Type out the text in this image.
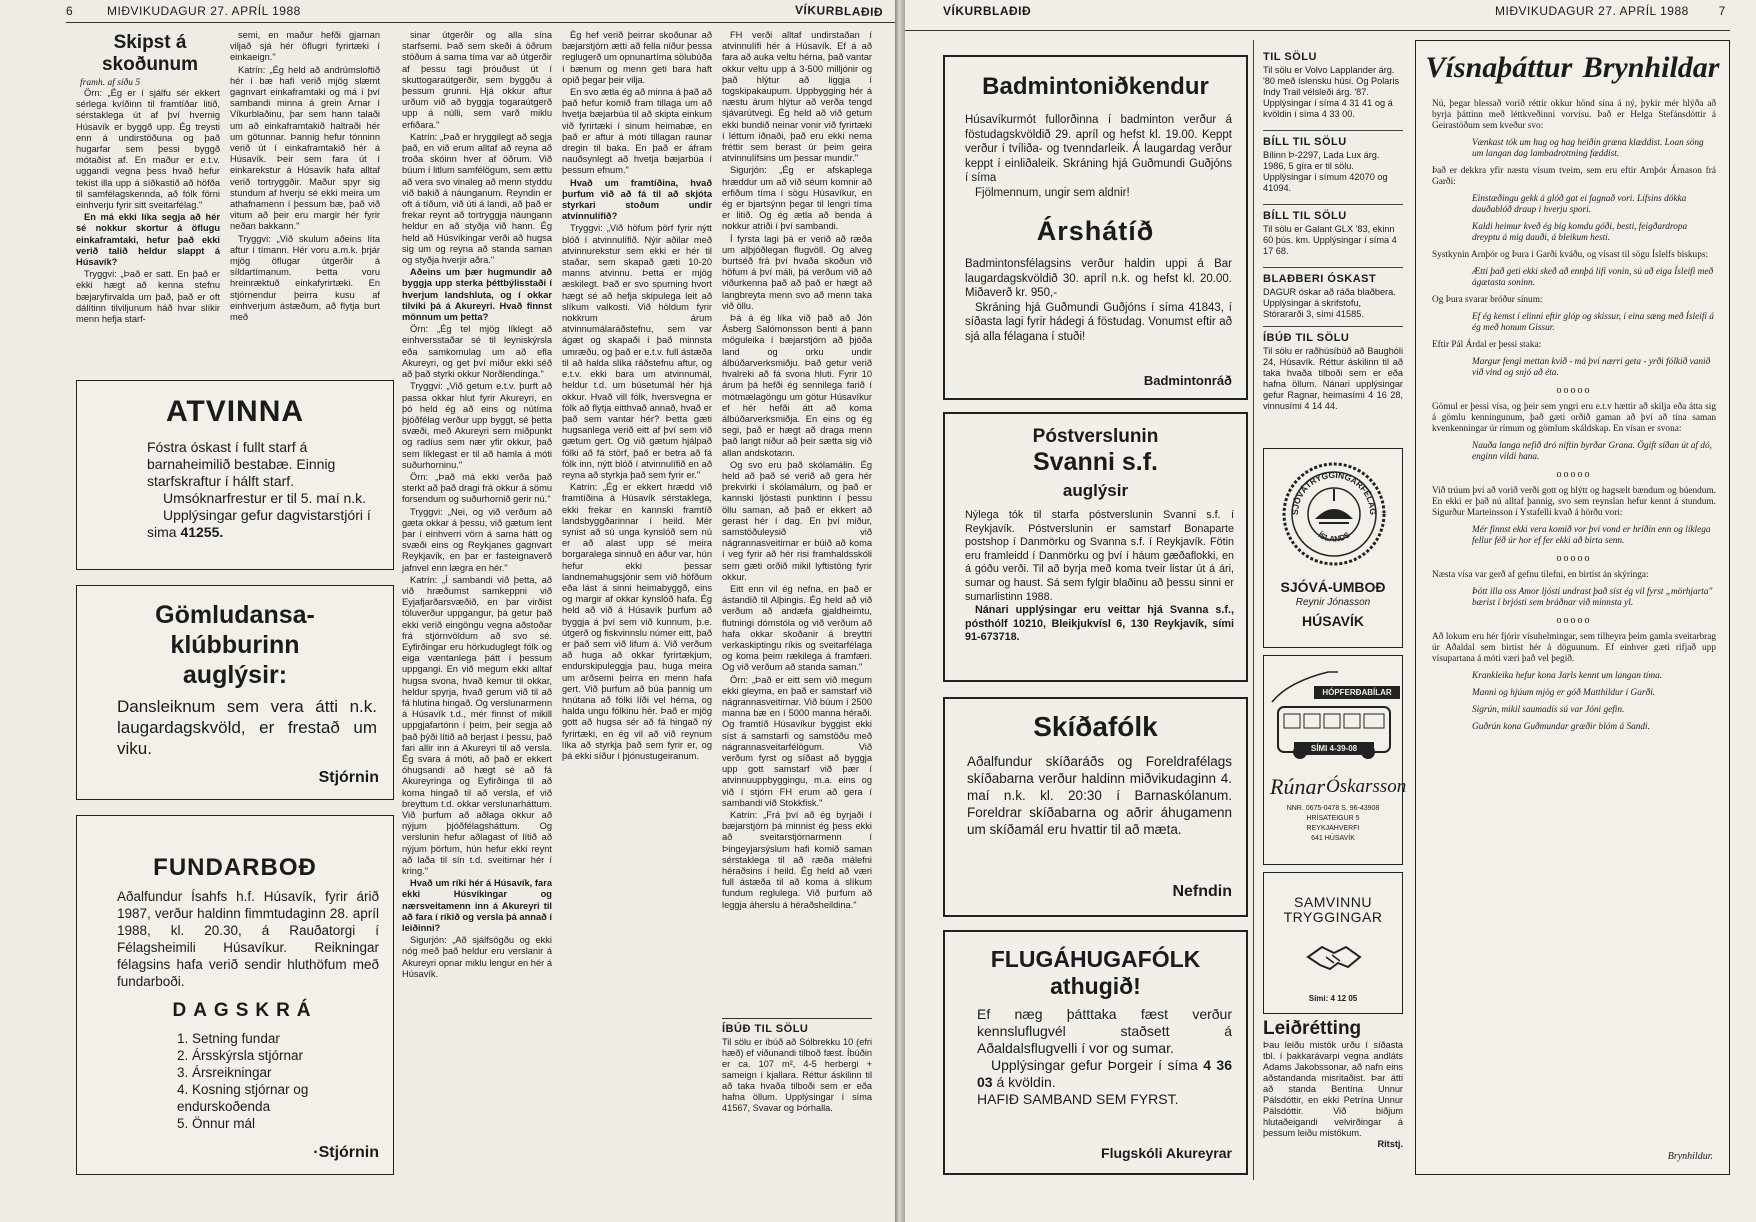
6	MIÐVIKUDAGUR 27. APRÍL 1988	VÍKURBLAÐIÐ
Skipst á skoðunum
framh. af síðu 5

Örn: „Ég er í sjálfu sér ekkert sérlega kvíðinn til framtíðar litið, sérstaklega út af því hvernig Húsavík er byggð upp. Ég treysti enn á undirstöðuna og það hugarfar sem þessi byggð mótaðist af. En maður er e.t.v. uggandi vegna þess hvað hefur tekist illa upp á síðkastið að höfða til samfélagskennda, að fólk förni einhverju fyrir sitt sveitarfélag."

En má ekki líka segja að hér sé nokkur skortur á öflugu einkaframtaki, hefur það ekki verið talið heldur slappt á Húsavík?

Tryggvi: „Það er satt. En það er ekki hægt að kenna stefnu bæjaryfirvalda um það, það er oft dálítinn tilviljunum háð hvar slíkir menn hefja starf-

semi, en maður hefði gjarnan viljað sjá hér öflugri fyrirtæki í einkaeign."

Katrín: „Ég held að andrúmsloftið hér í bæ hafi verið mjög slæmt gagnvart einkaframtaki og má í því sambandi minna á grein Arnar í Víkurblaðinu, þar sem hann talaði um að einkaframtakið haltraði hér um götunnar. Þannig hefur tónninn verið út í einkaframtakið hér á Húsavík. Þeir sem fara út í einkarekstur á Húsavík hafa alltaf verið tortryggðir. Maður spyr sig stundum af hverju sé ekki meira um athafnamenn í þessum bæ, það við vitum að þeir eru margir hér fyrir neðan bakkann."

Tryggvi: „Við skulum aðeins líta aftur í tímann. Hér voru a.m.k. þrjár mjög öflugar útgerðir á síldartímanum. Þetta voru hreinræktuð einkafyrirtæki. En stjórnendur þeirra kusu af einhverjum ástæðum, að flytja burt með

ATVINNA
Fóstra óskast í fullt starf á barnaheimilið bestabæ. Einnig starfskraftur í hálft starf.
Umsóknarfrestur er til 5. maí n.k.
Upplýsingar gefur dagvistarstjóri í sima 41255.
Gömludansa-
klúbburinn
auglýsir:
Dansleiknum sem vera átti n.k. laugardagskvöld, er frestað um viku.
Stjórnin
FUNDARBOÐ
Aðalfundur Ísahfs h.f. Húsavík, fyrir árið 1987, verður haldinn fimmtudaginn 28. apríl 1988, kl. 20.30, á Rauðatorgi í Félagsheimili Húsavíkur. Reikningar félagsins hafa verið sendir hluthöfum með fundarboði.
DAGSKRÁ
1. Setning fundar
2. Ársskýrsla stjórnar
3. Ársreikningar
4. Kosning stjórnar og endurskoðenda
5. Önnur mál
·Stjórnin

sinar útgerðir og alla sína starfsemi. Það sem skeði á öðrum stöðum á sama tíma var að útgerðir af þessu tagi þróuðust út í skuttogaraútgerðir, sem byggðu á þessum grunni. Hjá okkur aftur urðum við að byggja togaraútgerð upp á núlli, sem varð miklu erfiðara."

Katrín: „Það er hryggilegt að segja það, en við erum alltaf að reyna að troða skóinn hver af öðrum. Við búum í litlum samfélögum, sem ættu að vera svo vinaleg að menn styddu við bakið á náunganum. Reyndin er oft á tíðum, við úti á landi, að það er frekar reynt að tortryggja náungann heldur en að styðja við hann. Ég held að Húsvíkingar verði að hugsa sig um og reyna að standa saman og styðja hverjir aðra."

Aðeins um þær hugmundir að byggja upp sterka þéttbýlisstaði í hverjum landshluta, og í okkar tilviki þá á Akureyri. Hvað finnst mönnum um þetta?

Örn: „Ég tel mjög líklegt að einhversstaðar sé til leyniskýrsla eða samkomulag um að efla Akureyri, og get því miður ekki séð að það styrki okkur Norðlendinga."

Tryggvi: „Við getum e.t.v. þurft að passa okkar hlut fyrir Akureyri, en þó held ég að eins og nútíma þjóðfélag verður upp byggt, sé þetta svæði, með Akureyri sem miðpunkt og radíus sem nær yfir okkur, það sem líklegast er til að hamla á móti suðurhorninu."

Örn: „Það má ekki verða það sterkt að það dragi frá okkur á sömu forsendum og suðurhornið gerir nú."

Tryggvi: „Nei, og við verðum að gæta okkar á þessu, við gætum lent þar í einhverri vörn á sama hátt og svæði eins og Reykjanes gagnvart Reykjavík, en þar er fasteignaverð jafnvel enn lægra en hér."

Katrín: „Í sambandi við þetta, að við hræðumst samkeppni við Eyjafjarðarsvæðið, en þar virðist töluverður uppgangur, þá getur það ekki verið eingöngu vegna aðstoðar frá stjórnvöldum að svo sé. Eyfirðingar eru hörkuduglegt fólk og eiga væntanlega þátt í þessum uppgangi. En við megum ekki alltaf hugsa svona, hvað kemur til okkar, heldur spyrja, hvað gerum við til að fá hlutina hingað. Og verslunarmenn á Húsavík t.d., mér finnst of mikill uppgjafartónn í þeim, þeir segja að það þýði lítið að berjast í þessu, það fari allir inn á Akureyri til að versla. Ég svara á móti, að það er ekkert óhugsandi að hægt sé að fá Akureyringa og Eyfirðinga til að koma hingað til að versla, ef við breyttum t.d. okkar verslunarháttum. Við þurfum að aðlaga okkur að nýjum þjóðfélagsháttum. Og verslunin hefur aðlagast of lítið að nýjum þörfum, hún hefur ekki reynt að laða til sín t.d. sveitirnar hér í kring."

Hvað um ríki hér á Húsavík, fara ekki Húsvíkingar og nærsveitamenn inn á Akureyri til að fara í ríkið og versla þá annað í leiðinni?

Sigurjón: „Að sjálfsögðu og ekki nóg með það heldur eru verslanir á Akureyri opnar miklu lengur en hér á Húsavík.

Ég hef verið þeirrar skoðunar að bæjarstjórn ætti að fella niður þessa reglugerð um opnunartíma sölubúða í bænum og menn geti bara haft opið þegar þeir vilja.

En svo ætla ég að minna á það að það hefur komið fram tillaga um að hvetja bæjarbúa til að skipta einkum við fyrirtæki í sinum heimabæ, en það er aftur á móti tillagan raunar dregin til baka. En það er áfram nauðsynlegt að hvetja bæjarbúa í þessum efnum."

Hvað um framtíðina, hvað þurfum við að fá til að skjóta styrkari stoðum undir atvinnulífið?

Tryggvi: „Við höfum þörf fyrir nýtt blóð í atvinnulífið. Nýir aðilar með atvinnurekstur sem ekki er hér til staðar, sem skapað gæti 10-20 manns atvinnu. Þetta er mjög æskilegt. Það er svo spurning hvort hægt sé að hefja skipulega leit að slíkum valkosti. Við höldum fyrir nokkrum árum atvinnumálaráðstefnu, sem var ágæt og skapaði í það minnsta umræðu, og það er e.t.v. full ástæða til að halda slíka ráðstefnu aftur, og e.t.v. ekki bara um atvinnumál, heldur t.d. um búsetumál hér hjá okkur. Hvað vill fólk, hversvegna er fólk að flytja eitthvað annað, hvað er það sem vantar hér? Þetta gæti hugsanlega verið eitt af því sem við gætum gert. Og við gætum hjálpað fólki að fá störf, það er betra að fá fólk inn, nýtt blóð í atvinnulífið en að reyna að styrkja það sem fyrir er."

Katrín: „Ég er ekkert hrædd við framtíðina á Húsavík sérstaklega, ekki frekar en kannski framtíð landsbyggðarinnar í heild. Mér synist að sú unga kynslóð sem nú er að alast upp sé meira borgaralega sinnuð en áður var, hún hefur ekki þessar landnemahugsjónir sem við höfðum eða lást á sinni heimabyggð, eins og margir af okkar kynslóð hafa. Ég held að við á Húsavík þurfum að byggja á því sem við kunnum, þ.e. útgerð og fiskvinnslu númer eitt, það er það sem við lifum á. Við verðum að huga að okkar fyrirtækjum, endurskipuleggja þau, huga meira um arðsemi þeirra en menn hafa gert. Við þurfum að búa þannig um hnútana að fólki líði vel hérna, og halda ungu fólkinu hér. Það er mjög gott að hugsa sér að fá hingað ný fyrirtæki, en ég vil að við reynum líka að styrkja það sem fyrir er, og þá ekki síður í þjónustugeiranum.

FH verði alltaf undirstaðan í atvinnulífi hér á Húsavík. Ef á að fara að auka veltu hérna, það vantar okkur veltu upp á 3-500 milljónir og það hlýtur að liggja í togskipakaupum. Uppbygging hér á næstu árum hlýtur að verða tengd sjávarútvegi. Ég held að við getum ekki bundið neinar vonir við fyrirtæki í léttum iðnaði, það eru ekki nema fréttir sem berast úr þeim geira atvinnulífsins um þessar mundir."

Sigurjón: „Ég er afskaplega hræddur um að við séum komnir að erfiðum tíma í sögu Húsavíkur, en ég er bjartsýnn þegar til lengri tíma er litið. Og ég ætla að benda á nokkur atriði í því sambandi.

Í fyrsta lagi þá er verið að ræða um alþjóðlegan flugvöll. Og alveg burtséð frá því hvaða skoðun við höfum á því máli, þá verðum við að viðurkenna það að það er hægt að langbreyta menn svo að menn taka við öllu.

Þá á ég líka við það að Jón Ásberg Salómonsson benti á þann möguleika í bæjarstjórn að þjóða land og orku undir álbúðarverksmiðju. Það getur verið hvalreki að fá svona hluti. Fyrir 10 árum þá hefði ég sennilega farið í mótmælagöngu um götur Húsavíkur ef hér hefði átt að koma álbúðarverksmiðja. En eins og ég segi, það er hægt að draga menn það langt niður að þeir sætta sig við allan andskotann.

Og svo eru það skólamálin. Ég held að það sé verið að gera hér þrekvirki í skólamálum, og það er kannski ljóstasti punktinn í þessu öllu saman, að það er ekkert að gerast hér í dag. En því miður, samstöðuleysið við nágrannasveitirnar er búið að koma í veg fyrir að hér risi framhaldsskóli sem gæti orðið mikil lyftistöng fyrir okkur.

Eitt enn vil ég nefna, en það er ástandið til Alþingis. Ég held að við verðum að andæfa gjaldheimtu, flutningi dómstóla og við verðum að hafa okkar skoðanir á breyttri verkaskiptingu ríkis og sveitarfélaga og koma þeim rækilega á framfæri. Og við verðum að standa saman."

Örn: „Það er eitt sem við megum ekki gleyma, en það er samstarf við nágrannasveitirnar. Við búum í 2500 manna bæ en í 5000 manna héraði. Og framtíð Húsavíkur byggist ekki síst á samstarfi og samstöðu með nágrannasveitarfélögum. Við verðum fyrst og síðast að byggja upp gott samstarf við þær í atvinnuuppbyggingu, m.a. eins og við í stjórn FH erum að gera í sambandi við Stokkfisk."

Katrín: „Frá því að ég byrjaði í bæjarstjórn þá minnist ég þess ekki að sveitarstjórnarmenn í Þingeyjarsýslum hafi komið saman sérstaklega til að ræða málefni héraðsins í heild. Ég held að væri full ástæða til að koma á slíkum fundum reglulega. Við þurfum að leggja áherslu á héraðsheildina."

ÍBÚÐ TIL SÖLU
Til sölu er íbúð að Sólbrekku 10 (efri hæð) ef viðunandi tilboð fæst. Íbúðin er ca. 107 m², 4-5 herbergi + sameign í kjallara. Réttur áskilinn til að taka hvaða tilboði sem er eða hafna öllum. Upplýsingar í síma 41567, Svavar og Þórhalla.
VÍKURBLAÐIÐ	MIÐVIKUDAGUR 27. APRÍL 1988 7
Badmintoniðkendur
Húsavíkurmót fullorðinna í badminton verður á föstudagskvöldið 29. apríl og hefst kl. 19.00. Keppt verður í tvíliða- og tvenndarleik. Á laugardag verður keppt í einliðaleik. Skráning hjá Guðmundi Guðjóns í síma
Fjölmennum, ungir sem aldnir!
Árshátíð
Badmintonsfélagsins verður haldin uppi á Bar laugardagskvöldið 30. apríl n.k. og hefst kl. 20.00. Miðaverð kr. 950,-
Skráning hjá Guðmundi Guðjóns í síma 41843, í síðasta lagi fyrir hádegi á föstudag. Vonumst eftir að sjá alla félagana í stuði!
Badmintonráð
Póstverslunin
Svanni s.f.
auglýsir
Nýlega tók til starfa póstverslunin Svanni s.f. í Reykjavík. Póstverslunin er samstarf Bonaparte postshop í Danmörku og Svanna s.f. í Reykjavík. Fötin eru framleidd í Danmörku og því í háum gæðaflokki, en á góðu verði. Til að byrja með koma tveir listar út á ári, sumar og haust. Sá sem fylgir blaðinu að þessu sinni er sumarlistinn 1988.
Nánari upplýsingar eru veittar hjá Svanna s.f., pósthólf 10210, Bleikjukvísl 6, 130 Reykjavík, sími 91-673718.
Skíðafólk
Aðalfundur skíðaráðs og Foreldrafélags skíðabarna verður haldinn miðvikudaginn 4. maí n.k. kl. 20:30 í Barnaskólanum. Foreldrar skíðabarna og aðrir áhugamenn um skíðamál eru hvattir til að mæta.
Nefndin
FLUGÁHUGAFÓLK
athugið!
Ef næg þátttaka fæst verður kennsluflugvél staðsett á Aðaldalsflugvelli í vor og sumar.
Upplýsingar gefur Þorgeir í síma 4 36 03 á kvöldin.
HAFIÐ SAMBAND SEM FYRST.
Flugskóli Akureyrar
TIL SÖLU
Til sölu er Volvo Lapplander árg. '80 með íslensku húsi. Og Polaris Indy Trail vélsleði árg. '87. Upplýsingar í síma 4 31 41 og á kvöldin í síma 4 33 00.
BÍLL TIL SÖLU
Bílinn Þ-2297, Lada Lux árg. 1986, 5 gíra er til sölu. Upplýsingar í símum 42070 og 41094.
BÍLL TIL SÖLU
Til sölu er Galant GLX '83, ekinn 60 þús. km. Upplýsingar í síma 4 17 68.
BLAÐBERI ÓSKAST
DAGUR óskar að ráða blaðbera. Upplýsingar á skrifstofu, Stórагarði 3, sími 41585.
ÍBÚÐ TIL SÖLU
Til sölu er raðhúsíbúð að Baughóli 24, Húsavík. Réttur áskilinn til að taka hvaða tilboði sem er eða hafna öllum. Nánari upplýsingar gefur Ragnar, heimasími 4 16 28, vinnusími 4 14 44.
SJÓVÁTRYGGINGARFÉLAG
ÍSLANDS
SJÓVÁ-UMBOÐ
Reynir Jónasson
HÚSAVÍK
HÓPFERÐABÍLAR
SÍMI 4-39-08
Rúnar Óskarsson
NNR. 0675-0478 S. 96-43908
HRÍSATEIGUR 5
REYKJAHVERFI
641 HÚSAVÍK
SAMVINNU
TRYGGINGAR
Sími: 4 12 05
Leiðrétting
Þau leiðu mistök urðu í síðasta tbl. í þakkarávarpi vegna andláts Adams Jakobssonar, að nafn eins aðstandanda misritaðist. Þar átti að standa Bentína Unnur Pálsdóttir, en ekki Petrína Unnur Pálsdóttir. Við biðjum hlutaðeigandi velvirðingar á þessum leiðu mistökum.
Ritstj.
Vísnaþáttur Brynhildar
Nú, þegar blessað vorið réttir okkur hönd sína á ný, þykir mér hlýða að byrja þáttinn með léttkveðinni vorvísu. Það er Helga Stefánsdóttir á Geirastöðum sem kveður svo:
Vænkast tók um hug og hag heiðin græna klæddist. Loan söng um langan dag lambadrottning fæddist.
Það er dekkra yfir næstu vísum tveim, sem eru eftir Arnþór Árnason frá Garði:
Einstæðingu gekk á glóð gat ei fagnað vori. Lífsins dökka dauðablóð draup í hverju spori.
Kaldi heimur kveð ég bíg komdu góði, besti, feigðardropa dreyptu á mig dauði, á bleikum hesti.
Systkynin Arnþór og Þura í Garði kváðu, og vísast til sögu Íslelfs biskups:
Ætti það geti ekki skeð að ennþá lifi vonin, sú að eiga Ísleifi með ágætasta soninn.
Og Þura svarar bróður sínum:
Ef ég kemst í elinni eftir glóp og skissur, í eina sæng með Ísleifi á ég með honum Gissur.
Eftir Pál Árdal er þessi staka:
Margur fengi mettan kvið - má því nærri geta - yrði fólkið vanið við vind og snjó að éta.
ooooo
Gömul er þessi vísa, og þeir sem yngri eru e.t.v hættir að skilja eða átta sig á gömlu kenningunum, það gæti orðið gaman að því að tína saman kvenkenningar úr rímum og gömlum skáldskap. En vísan er svona:
Nauða langa nefið dró niftin byrðar Grana. Ögift síðan út af dó, enginn vildi hana.
ooooo
Við trúum því að vorið verði gott og hlýtt og hagsælt bændum og búendum. En ekki er það nú alltaf þannig, svo sem reynslan hefur kennt á stundum. Sigurður Marteinsson í Ystafelli kvað á hörðu vori:
Mér finnst ekki vera komið vor því vond er hríðin enn og líklega fellur féð úr hor ef fer ekki að birta senn.
ooooo
Næsta vísa var gerð af gefnu tilefni, en birtist án skýringa:
Þótt illa oss Amor ljósti undrast það síst ég vil fyrst „mörhjarta" bærist í brjósti sem bráðnar við minnsta yl.
ooooo
Að lokum eru hér fjórir vísuhelmingar, sem tilheyra þeim gamla sveitarbrag úr Aðaldal sem birtist hér á döguunum. Ef einhver gæti rifjað upp vísupartana á móti væri það vel þegið.
Krankleika hefur kona Jarls kennt um langan tíma.
Manni og hjúum mjög er góð Matthildur í Garði.
Sigrún, mikil saumadís sú var Jóni gefin.
Guðrún kona Guðmundar græðir blóm á Sandi.
Brynhildur.
